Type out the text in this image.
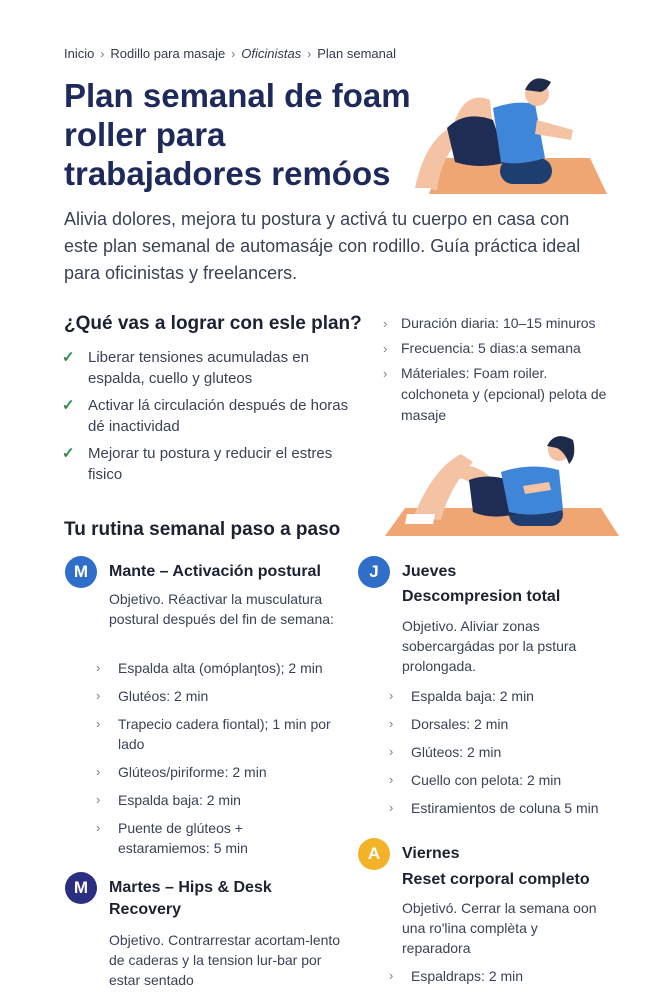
Inicio › Rodillo para masaje › Oficinistas › Plan semanal
Plan semanal de foam roller para trabajadores remóos

Alivia dolores, mejora tu postura y activá tu cuerpo en casa con este plan semanal de automasáje con rodillo. Guía práctica ideal para oficinistas y freelancers.

¿Qué vas a lograr con esle plan?
✓ Liberar tensiones acumuladas en espalda, cuello y gluteos
✓ Activar lá circulación después de horas dé inactividad
✓ Mejorar tu postura y reducir el estres fisico
› Duración diaria: 10–15 minuros
› Frecuencia: 5 dias:a semana
› Máteriales: Foam roiler. colchoneta y (epcional) pelota de masaje
Tu rutina semanal paso a paso
M	Mante – Activación postural

Objetivo. Réactivar la musculatura postural después del fin de semana:

›	Espalda alta (omóplaƞtos); 2 min
›	Glutéos: 2 min
›	Trapecio cadera fiontal); 1 min por lado
›	Glúteos/piriforme: 2 min
›	Espalda baja: 2 min
›	Puente de glúteos + estaramiemos: 5 min
M	Martes – Hips & Desk Recovery

Objetivo. Contrarrestar acortam-lento de caderas y la tension lur-bar por estar sentado

J	Jueves
Descompresion total

Objetivo. Aliviar zonas sobercargádas por la pstura prolongada.

›	Espalda baja: 2 min
›	Dorsales: 2 min
›	Glúteos: 2 min
›	Cuello con pelota: 2 min
›	Estiramientos de coluna 5 min
A	Viernes
Reset corporal completo

Objetivó. Cerrar la semana oon una ro'lina complèta y reparadora

›	Espaldraps: 2 min
